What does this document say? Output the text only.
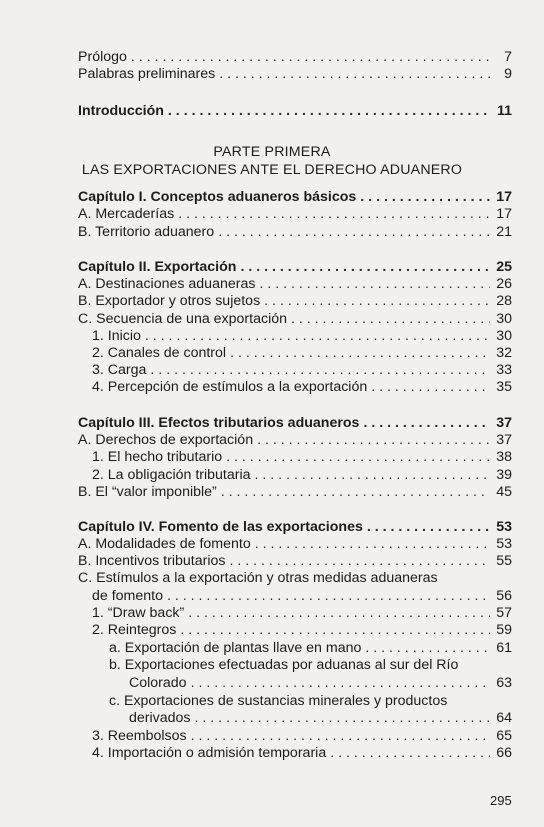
Prólogo . . .	7
Palabras preliminares . . .	9
Introducción . . .	11
Capítulo I. Conceptos aduaneros básicos . . .	17
A. Mercaderías . . .	17
B. Territorio aduanero . . .	21
Capítulo II. Exportación . . .	25
A. Destinaciones aduaneras . . .	26
B. Exportador y otros sujetos . . .	28
C. Secuencia de una exportación . . .	30
1. Inicio . . .	30
2. Canales de control . . .	32
3. Carga . . .	33
4. Percepción de estímulos a la exportación . . .	35
Capítulo III. Efectos tributarios aduaneros . . .	37
A. Derechos de exportación . . .	37
1. El hecho tributario . . .	38
2. La obligación tributaria . . .	39
B. El “valor imponible” . . .	45
Capítulo IV. Fomento de las exportaciones . . .	53
A. Modalidades de fomento . . .	53
B. Incentivos tributarios . . .	55
C. Estímulos a la exportación y otras medidas aduaneras
de fomento . . .	56
1. “Draw back” . . .	57
2. Reintegros . . .	59
a. Exportación de plantas llave en mano . . .	61
b. Exportaciones efectuadas por aduanas al sur del Río
Colorado . . .	63
c. Exportaciones de sustancias minerales y productos
derivados . . .	64
3. Reembolsos . . .	65
4. Importación o admisión temporaria . . .	66
PARTE PRIMERA
LAS EXPORTACIONES ANTE EL DERECHO ADUANERO
295
